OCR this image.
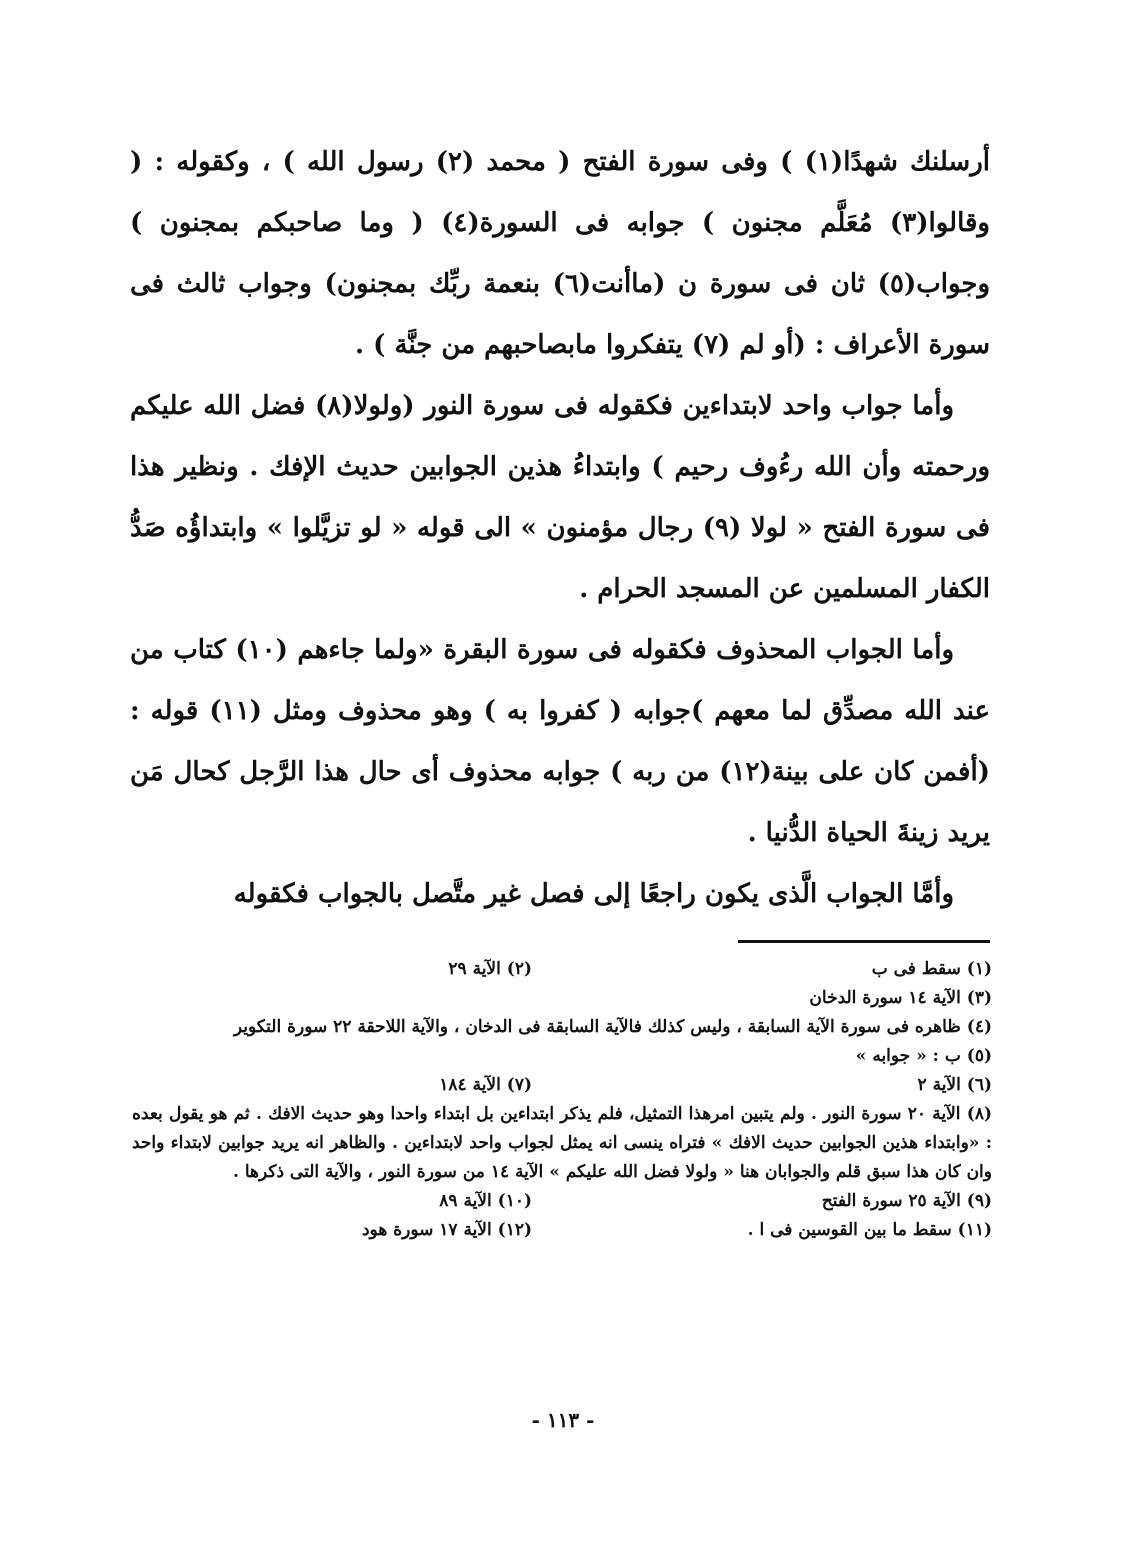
أرسلنك شهدًا(١) ) وفى سورة الفتح ( محمد (٢) رسول الله ) ، وكقوله : ( وقالوا(٣) مُعَلَّم مجنون ) جوابه فى السورة(٤) ( وما صاحبكم بمجنون ) وجواب(٥) ثان فى سورة ن (ماأنت(٦) بنعمة ربِّك بمجنون) وجواب ثالث فى سورة الأعراف : (أو لم (٧) يتفكروا مابصاحبهم من جنَّة ) .

وأما جواب واحد لابتداءين فكقوله فى سورة النور (ولولا(٨) فضل الله عليكم ورحمته وأن الله رءُوف رحيم ) وابتداءُ هذين الجوابين حديث الإفك . ونظير هذا فى سورة الفتح « لولا (٩) رجال مؤمنون » الى قوله « لو تزيَّلوا » وابتداؤُه صَدُّ الكفار المسلمين عن المسجد الحرام .

وأما الجواب المحذوف فكقوله فى سورة البقرة «ولما جاءهم (١٠) كتاب من عند الله مصدِّق لما معهم )جوابه ( كفروا به ) وهو محذوف ومثل (١١) قوله : (أفمن كان على بينة(١٢) من ربه ) جوابه محذوف أى حال هذا الرَّجل كحال مَن يريد زينةَ الحياة الدُّنيا .

وأمَّا الجواب الَّذى يكون راجعًا إلى فصل غير متَّصل بالجواب فكقوله

(١) سقط فى ب
(٢) الآية ٢٩
(٣) الآية ١٤ سورة الدخان
(٤) ظاهره فى سورة الآية السابقة ، وليس كذلك فالآية السابقة فى الدخان ، والآية اللاحقة ٢٢ سورة التكوير
(٥) ب : « جوابه »
(٦) الآية ٢
(٧) الآية ١٨٤
(٨) الآية ٢٠ سورة النور . ولم يتبين امرهذا التمثيل، فلم يذكر ابتداءين بل ابتداء واحدا وهو حديث الافك . ثم هو يقول بعده : «وابتداء هذين الجوابين حديث الافك » فتراه ينسى انه يمثل لجواب واحد لابتداءين . والظاهر انه يريد جوابين لابتداء واحد وان كان هذا سبق قلم والجوابان هنا « ولولا فضل الله عليكم » الآية ١٤ من سورة النور ، والآية التى ذكرها .
(٩) الآية ٢٥ سورة الفتح
(١٠) الآية ٨٩
(١١) سقط ما بين القوسين فى ا .
(١٢) الآية ١٧ سورة هود
- ١١٣ -
